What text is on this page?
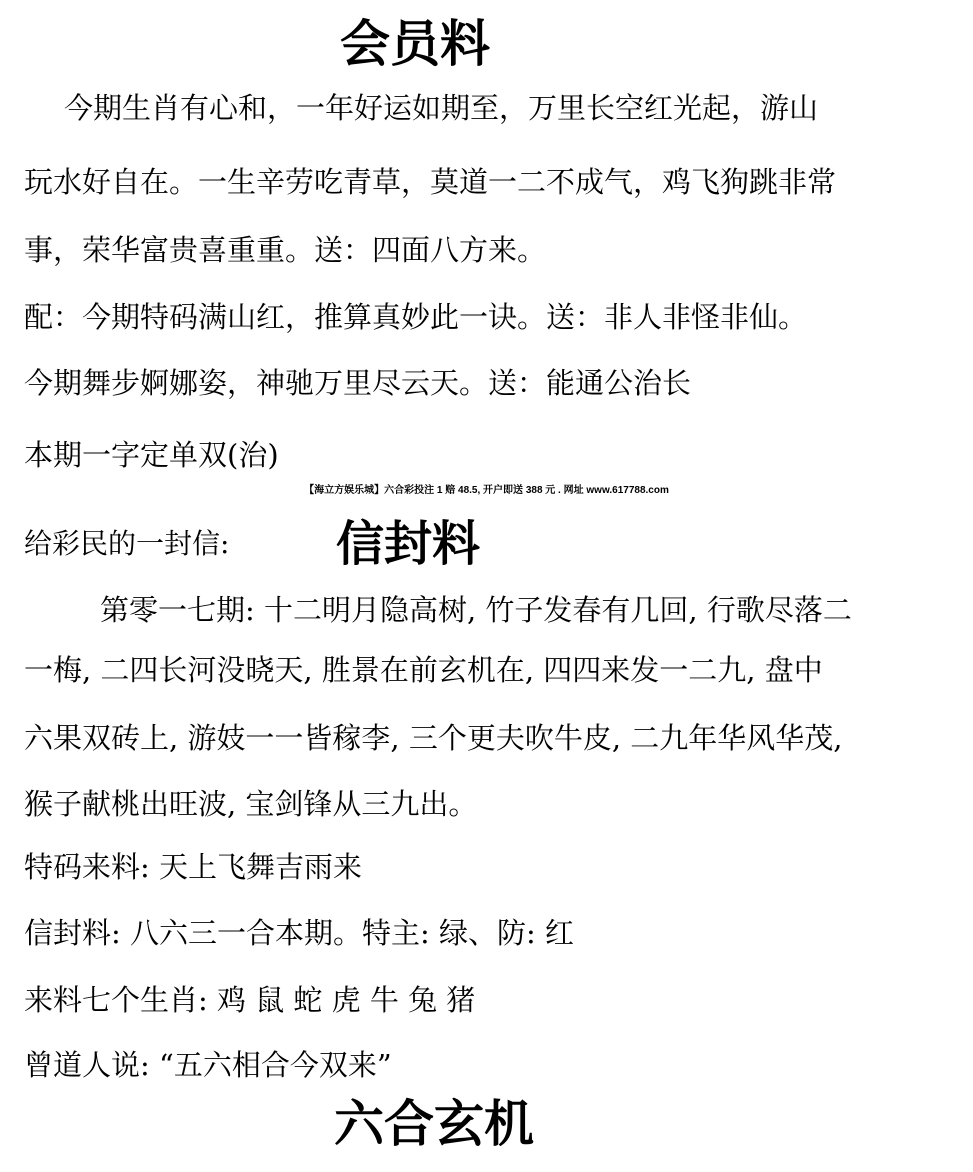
会员料
今期生肖有心和，一年好运如期至，万里长空红光起，游山
玩水好自在。一生辛劳吃青草，莫道一二不成气，鸡飞狗跳非常
事，荣华富贵喜重重。送：四面八方来。
配：今期特码满山红，推算真妙此一诀。送：非人非怪非仙。
今期舞步婀娜姿，神驰万里尽云天。送：能通公治长
本期一字定单双(治)
【海立方娱乐城】六合彩投注 1 赔 48.5, 开户即送 388 元 . 网址 www.617788.com
给彩民的一封信: 信封料
第零一七期: 十二明月隐高树, 竹子发春有几回, 行歌尽落二
一梅, 二四长河没晓天, 胜景在前玄机在, 四四来发一二九, 盘中
六果双砖上, 游妓一一皆稼李, 三个更夫吹牛皮, 二九年华风华茂,
猴子献桃出旺波, 宝剑锋从三九出。
特码来料: 天上飞舞吉雨来
信封料: 八六三一合本期。特主: 绿、防: 红
来料七个生肖: 鸡 鼠 蛇 虎 牛 兔 猪
曾道人说: “五六相合今双来”
六合玄机
